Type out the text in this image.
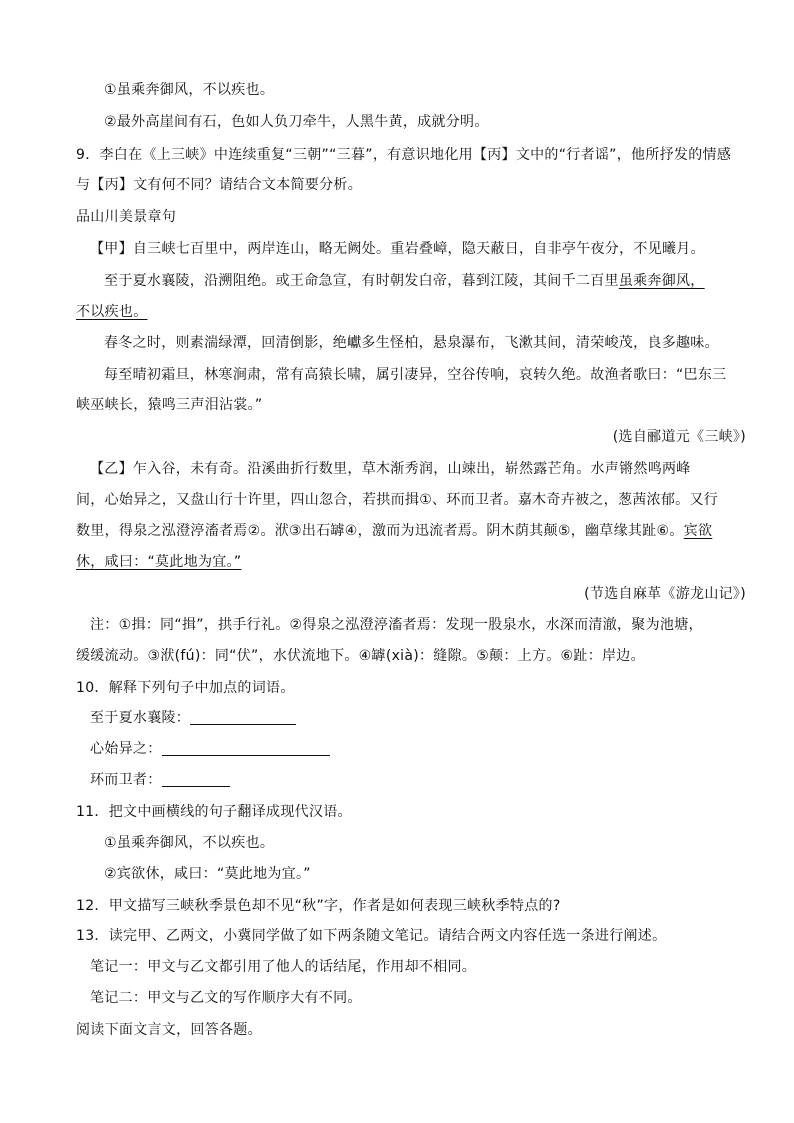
①虽乘奔御风，不以疾也。
②最外高崖间有石，色如人负刀牵牛，人黑牛黄，成就分明。
9．李白在《上三峡》中连续重复“三朝”“三暮”，有意识地化用【丙】文中的“行者谣”，他所抒发的情感
与【丙】文有何不同？请结合文本简要分析。
品山川美景章句
【甲】自三峡七百里中，两岸连山，略无阙处。重岩叠嶂，隐天蔽日，自非亭午夜分，不见曦月。
至于夏水襄陵，沿溯阻绝。或王命急宣，有时朝发白帝，暮到江陵，其间千二百里虽乘奔御风，
不以疾也。
春冬之时，则素湍绿潭，回清倒影，绝巘多生怪柏，悬泉瀑布，飞漱其间，清荣峻茂，良多趣味。
每至晴初霜旦，林寒涧肃，常有高猿长啸，属引凄异，空谷传响，哀转久绝。故渔者歌曰：“巴东三
峡巫峡长，猿鸣三声泪沾裳。”
(选自郦道元《三峡》)
【乙】乍入谷，未有奇。沿溪曲折行数里，草木渐秀润，山竦出，崭然露芒角。水声锵然鸣两峰
间，心始异之，又盘山行十许里，四山忽合，若拱而揖①、环而卫者。嘉木奇卉被之，葱茜浓郁。又行
数里，得泉之泓澄渟滀者焉②。洑③出石罅④，激而为迅流者焉。阴木荫其颠⑤，幽草缘其趾⑥。宾欲
休，咸曰：“莫此地为宜。”
(节选自麻革《游龙山记》)
注：①揖：同“揖”，拱手行礼。②得泉之泓澄渟滀者焉：发现一股泉水，水深而清澈，聚为池塘，
缓缓流动。③洑(fú)：同“伏”，水伏流地下。④罅(xià)：缝隙。⑤颠：上方。⑥趾：岸边。
10．解释下列句子中加点的词语。
至于夏水襄陵：
心始异之：
环而卫者：
11．把文中画横线的句子翻译成现代汉语。
①虽乘奔御风，不以疾也。
②宾欲休，咸曰：“莫此地为宜。”
12．甲文描写三峡秋季景色却不见“秋”字，作者是如何表现三峡秋季特点的?
13．读完甲、乙两文，小冀同学做了如下两条随文笔记。请结合两文内容任选一条进行阐述。
笔记一：甲文与乙文都引用了他人的话结尾，作用却不相同。
笔记二：甲文与乙文的写作顺序大有不同。
阅读下面文言文，回答各题。
